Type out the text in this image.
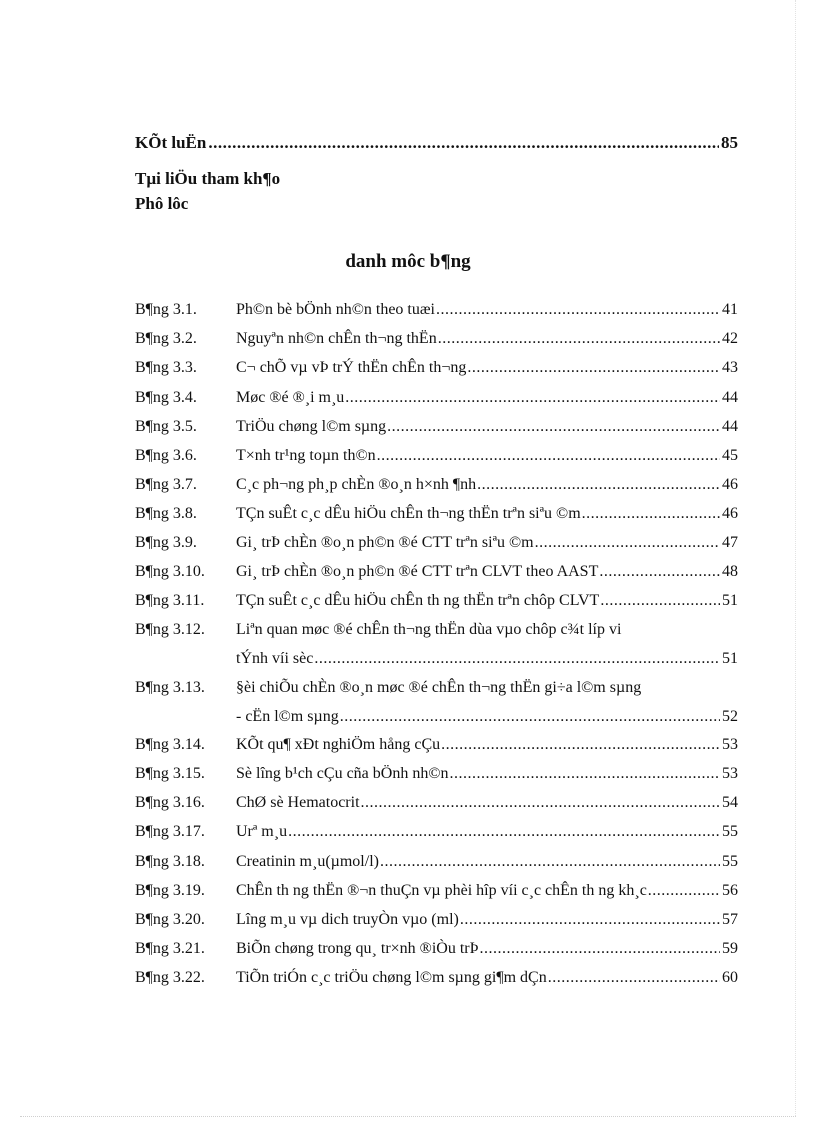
KÕt luËn .....	85
Tµi liÖu tham kh¶o
Phô lôc
danh môc b¶ng
B¶ng 3.1.	Ph©n bè bÖnh nh©n theo tuæi .....	41
B¶ng 3.2.	Nguyªn nh©n chÊn th¬ng thËn .....	42
B¶ng 3.3.	C¬ chÕ vµ vÞ trÝ thËn chÊn th¬ng .....	43
B¶ng 3.4.	Møc ®é ®¸i m¸u .....	44
B¶ng 3.5.	TriÖu chøng l©m sµng .....	44
B¶ng 3.6.	T×nh tr¹ng toµn th©n .....	45
B¶ng 3.7.	C¸c ph¬ng ph¸p chÈn ®o¸n h×nh ¶nh .....	46
B¶ng 3.8.	TÇn suÊt c¸c dÊu hiÖu chÊn th¬ng thËn trªn siªu ©m .....	46
B¶ng 3.9.	Gi¸ trÞ chÈn ®o¸n ph©n ®é CTT trªn siªu ©m .....	47
B¶ng 3.10.	Gi¸ trÞ chÈn ®o¸n ph©n ®é CTT trªn CLVT theo AAST .....	48
B¶ng 3.11.	TÇn suÊt c¸c dÊu hiÖu chÊn th ng thËn trªn chôp CLVT .....	51
B¶ng 3.12.	Liªn quan møc ®é chÊn th¬ng thËn dùa vµo chôp c¾t líp vi
tÝnh víi sèc .....	51
B¶ng 3.13.	§èi chiÕu chÈn ®o¸n møc ®é chÊn th¬ng thËn gi÷a l©m sµng
- cËn l©m sµng .....	52
B¶ng 3.14.	KÕt qu¶ xÐt nghiÖm hång cÇu .....	53
B¶ng 3.15.	Sè lîng b¹ch cÇu cña bÖnh nh©n .....	53
B¶ng 3.16.	ChØ sè Hematocrit .....	54
B¶ng 3.17.	Urª m¸u .....	55
B¶ng 3.18.	Creatinin m¸u(µmol/l) .....	55
B¶ng 3.19.	ChÊn th ng thËn ®¬n thuÇn vµ phèi hîp víi c¸c chÊn th ng kh¸c .....	56
B¶ng 3.20.	Lîng m¸u vµ dich truyÒn vµo (ml) .....	57
B¶ng 3.21.	BiÕn chøng trong qu¸ tr×nh ®iÒu trÞ .....	59
B¶ng 3.22.	TiÕn triÓn c¸c triÖu chøng l©m sµng gi¶m dÇn .....	60
